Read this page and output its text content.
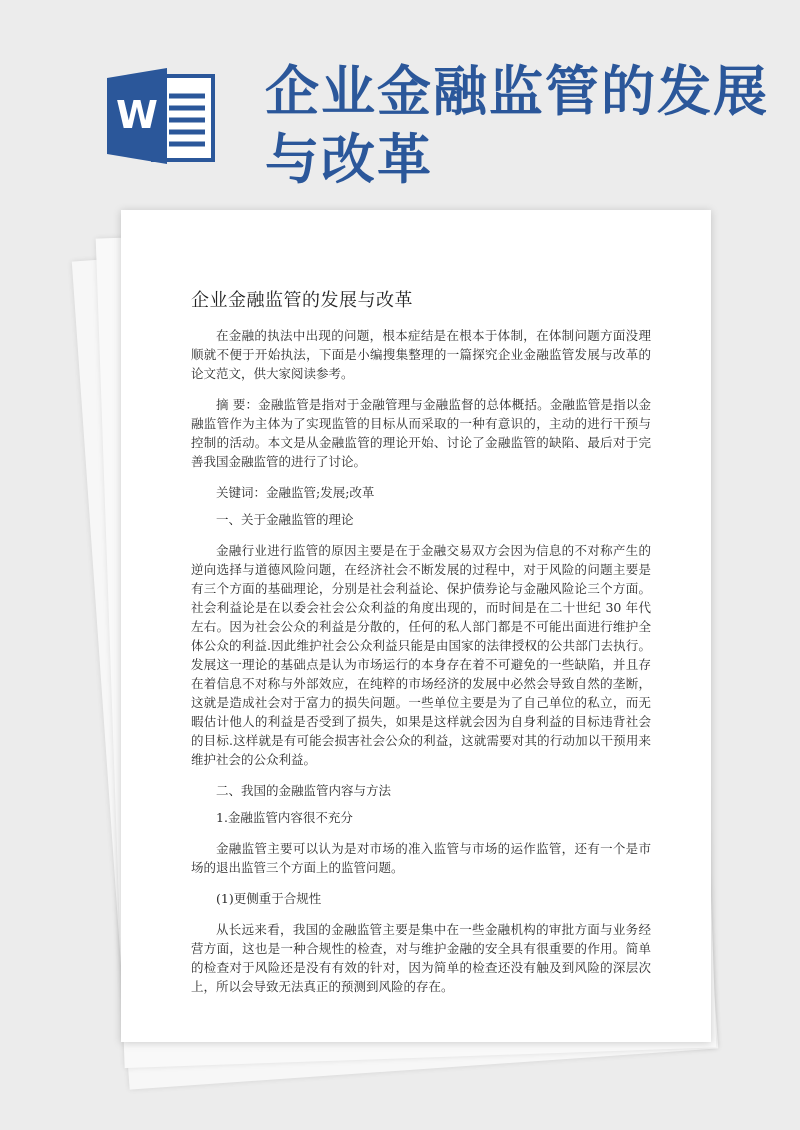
W 企业金融监管的发展与改革
企业金融监管的发展与改革

在金融的执法中出现的问题，根本症结是在根本于体制，在体制问题方面没理顺就不便于开始执法，下面是小编搜集整理的一篇探究企业金融监管发展与改革的论文范文，供大家阅读参考。

摘 要：金融监管是指对于金融管理与金融监督的总体概括。金融监管是指以金融监管作为主体为了实现监管的目标从而采取的一种有意识的，主动的进行干预与控制的活动。本文是从金融监管的理论开始、讨论了金融监管的缺陷、最后对于完善我国金融监管的进行了讨论。

关键词：金融监管;发展;改革

一、关于金融监管的理论

金融行业进行监管的原因主要是在于金融交易双方会因为信息的不对称产生的逆向选择与道德风险问题，在经济社会不断发展的过程中，对于风险的问题主要是有三个方面的基础理论，分别是社会利益论、保护债券论与金融风险论三个方面。社会利益论是在以委会社会公众利益的角度出现的，而时间是在二十世纪 30 年代左右。因为社会公众的利益是分散的，任何的私人部门都是不可能出面进行维护全体公众的利益.因此维护社会公众利益只能是由国家的法律授权的公共部门去执行。发展这一理论的基础点是认为市场运行的本身存在着不可避免的一些缺陷，并且存在着信息不对称与外部效应，在纯粹的市场经济的发展中必然会导致自然的垄断，这就是造成社会对于富力的损失问题。一些单位主要是为了自己单位的私立，而无暇估计他人的利益是否受到了损失，如果是这样就会因为自身利益的目标违背社会的目标.这样就是有可能会损害社会公众的利益，这就需要对其的行动加以干预用来维护社会的公众利益。

二、我国的金融监管内容与方法

1.金融监管内容很不充分

金融监管主要可以认为是对市场的准入监管与市场的运作监管，还有一个是市场的退出监管三个方面上的监管问题。

(1)更侧重于合规性

从长远来看，我国的金融监管主要是集中在一些金融机构的审批方面与业务经营方面，这也是一种合规性的检查，对与维护金融的安全具有很重要的作用。简单的检查对于风险还是没有有效的针对，因为简单的检查还没有触及到风险的深层次上，所以会导致无法真正的预测到风险的存在。
